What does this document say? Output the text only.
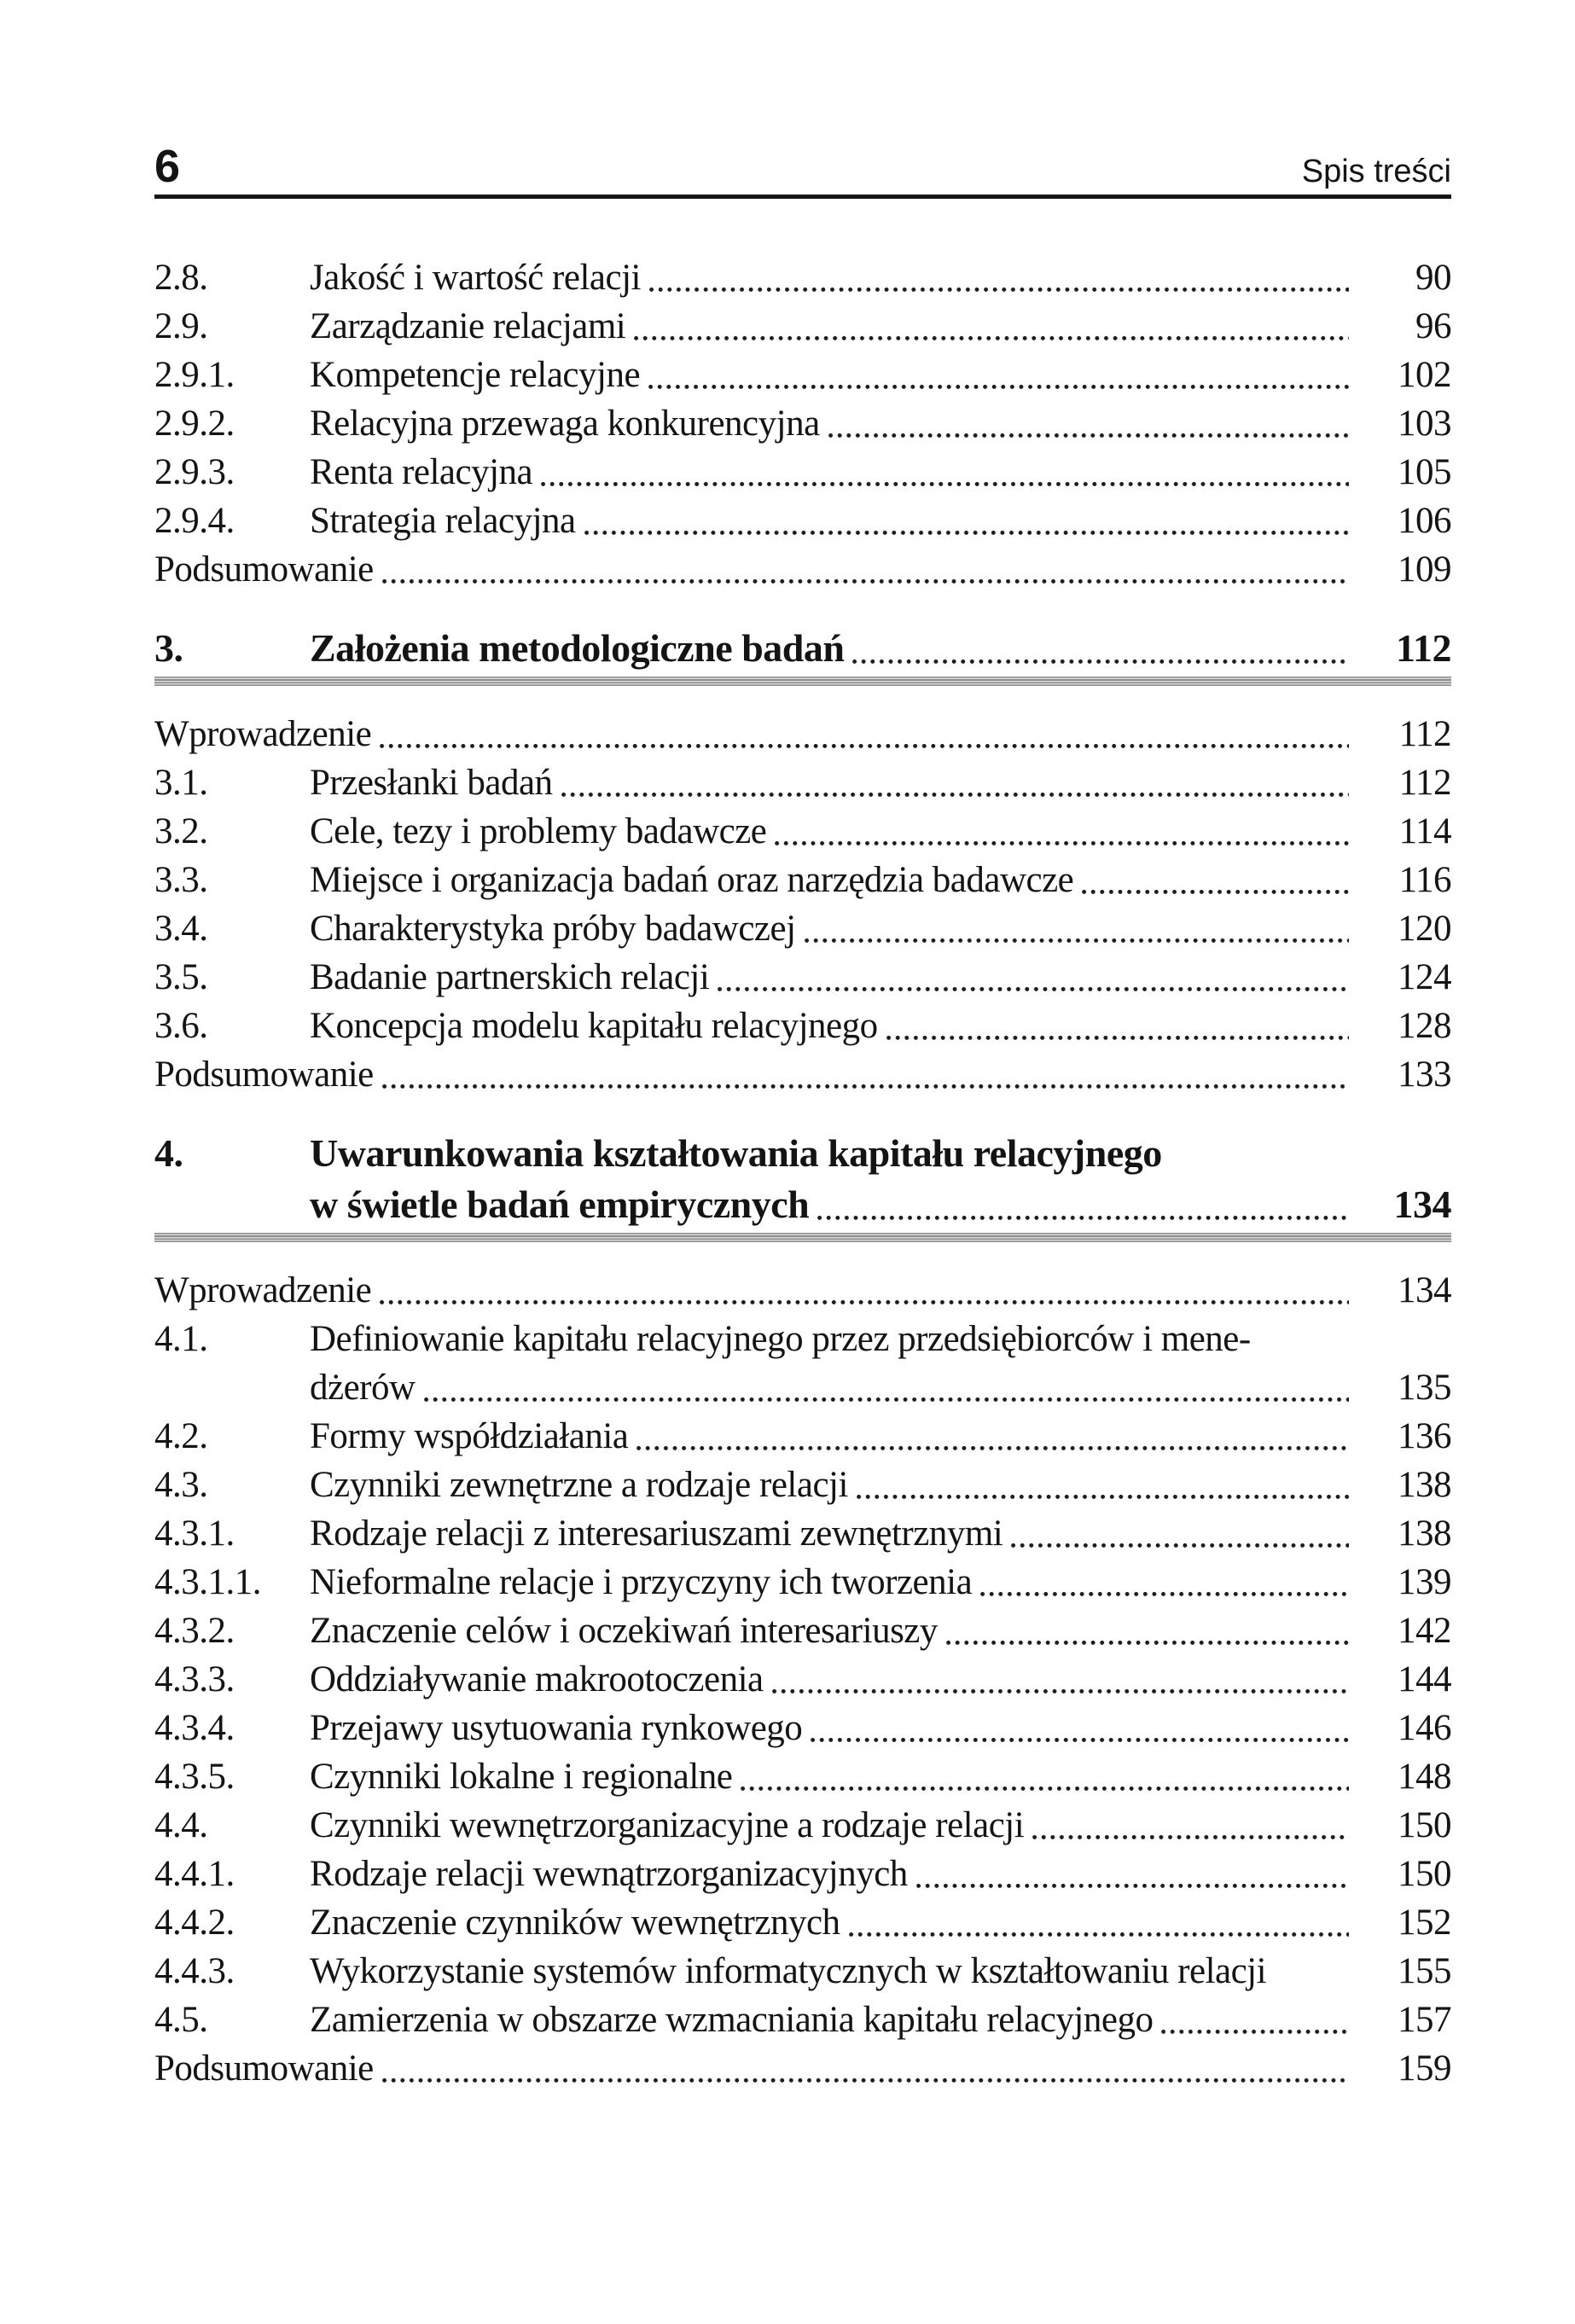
6	Spis treści
2.8.	Jakość i wartość relacji	90
2.9.	Zarządzanie relacjami	96
2.9.1.	Kompetencje relacyjne	102
2.9.2.	Relacyjna przewaga konkurencyjna	103
2.9.3.	Renta relacyjna	105
2.9.4.	Strategia relacyjna	106
Podsumowanie	109
3.	Założenia metodologiczne badań	112
Wprowadzenie	112
3.1.	Przesłanki badań	112
3.2.	Cele, tezy i problemy badawcze	114
3.3.	Miejsce i organizacja badań oraz narzędzia badawcze	116
3.4.	Charakterystyka próby badawczej	120
3.5.	Badanie partnerskich relacji	124
3.6.	Koncepcja modelu kapitału relacyjnego	128
Podsumowanie	133
4.	Uwarunkowania kształtowania kapitału relacyjnego
w świetle badań empirycznych	134
Wprowadzenie	134
4.1.	Definiowanie kapitału relacyjnego przez przedsiębiorców i mene-
dżerów	135
4.2.	Formy współdziałania	136
4.3.	Czynniki zewnętrzne a rodzaje relacji	138
4.3.1.	Rodzaje relacji z interesariuszami zewnętrznymi	138
4.3.1.1.	Nieformalne relacje i przyczyny ich tworzenia	139
4.3.2.	Znaczenie celów i oczekiwań interesariuszy	142
4.3.3.	Oddziaływanie makrootoczenia	144
4.3.4.	Przejawy usytuowania rynkowego	146
4.3.5.	Czynniki lokalne i regionalne	148
4.4.	Czynniki wewnętrzorganizacyjne a rodzaje relacji	150
4.4.1.	Rodzaje relacji wewnątrzorganizacyjnych	150
4.4.2.	Znaczenie czynników wewnętrznych	152
4.4.3.	Wykorzystanie systemów informatycznych w kształtowaniu relacji	155
4.5.	Zamierzenia w obszarze wzmacniania kapitału relacyjnego	157
Podsumowanie	159
